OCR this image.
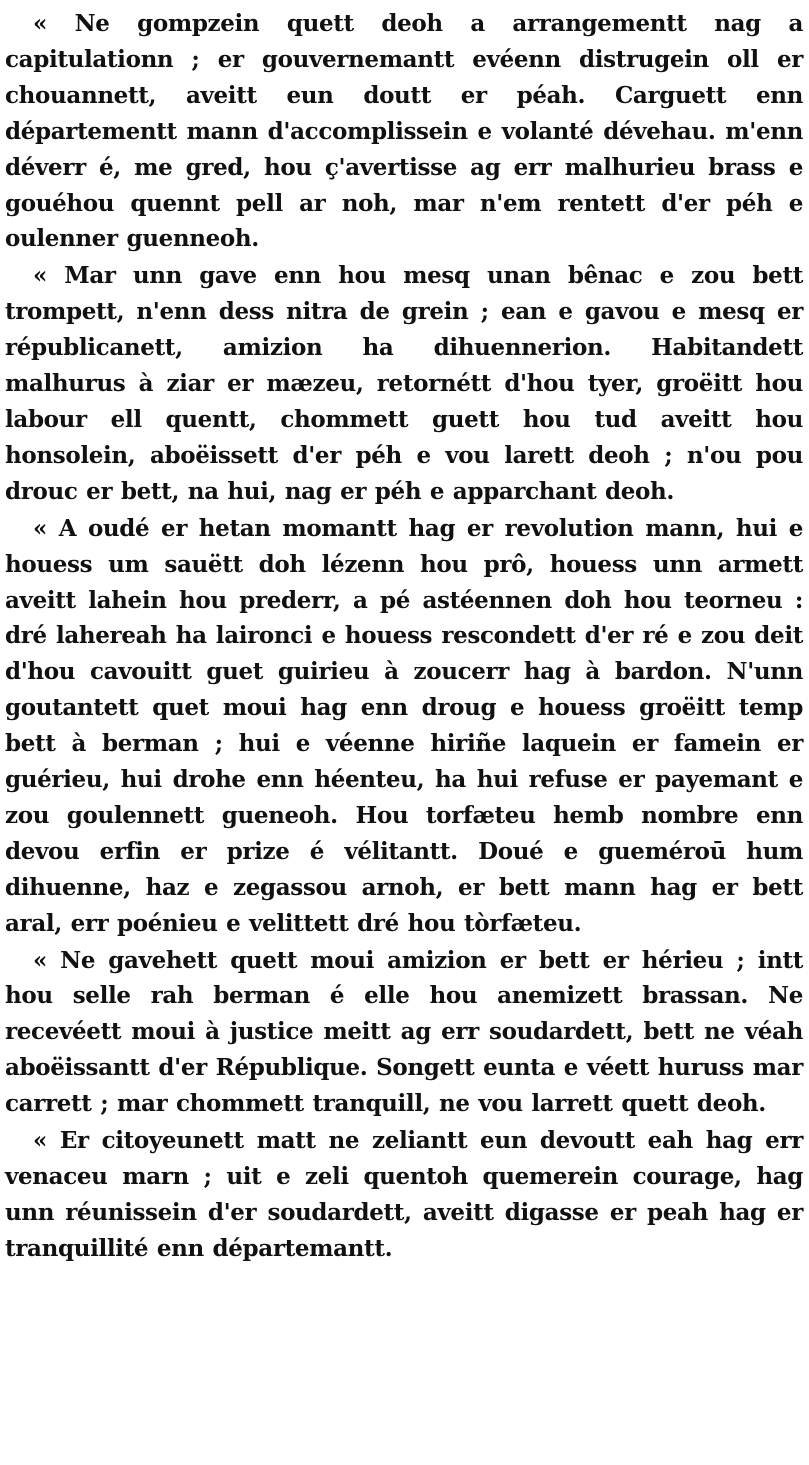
« Ne gompzein quett deoh a arrangementt nag a capitulationn ; er gouvernemantt evéenn distrugein oll er chouannett, aveitt eun doutt er péah. Carguett enn départementt mann d'accomplissein e volanté dévehau. m'enn déverr é, me gred, hou ç'avertisse ag err malhurieu brass e gouéhou quennt pell ar noh, mar n'em rentett d'er péh e oulenner guenneoh.

« Mar unn gave enn hou mesq unan bênac e zou bett trompett, n'enn dess nitra de grein ; ean e gavou e mesq er républicanett, amizion ha dihuennerion. Habitandett malhurus à ziar er mæzeu, retornétt d'hou tyer, groëitt hou labour ell quentt, chommett guett hou tud aveitt hou honsolein, aboëissett d'er péh e vou larett deoh ; n'ou pou drouc er bett, na hui, nag er péh e apparchant deoh.

« A oudé er hetan momantt hag er revolution mann, hui e houess um sauëtt doh lézenn hou prô, houess unn armett aveitt lahein hou prederr, a pé astéennen doh hou teorneu : dré lahereah ha laironci e houess rescondett d'er ré e zou deit d'hou cavouitt guet guirieu à zoucerr hag à bardon. N'unn goutantett quet moui hag enn droug e houess groëitt temp bett à berman ; hui e véenne hiriñe laquein er famein er guérieu, hui drohe enn héenteu, ha hui refuse er payemant e zou goulennett gueneoh. Hou torfæteu hemb nombre enn devou erfin er prize é vélitantt. Doué e gueméroū hum dihuenne, haz e zegassou arnoh, er bett mann hag er bett aral, err poénieu e velittett dré hou tòrfæteu.

« Ne gavehett quett moui amizion er bett er hérieu ; intt hou selle rah berman é elle hou anemizett brassan. Ne recevéett moui à justice meitt ag err soudardett, bett ne véah aboëissantt d'er République. Songett eunta e véett huruss mar carrett ; mar chommett tranquill, ne vou larrett quett deoh.

« Er citoyeunett matt ne zeliantt eun devoutt eah hag err venaceu marn ; uit e zeli quentoh quemerein courage, hag unn réunissein d'er soudardett, aveitt digasse er peah hag er tranquillité enn départemantt.
